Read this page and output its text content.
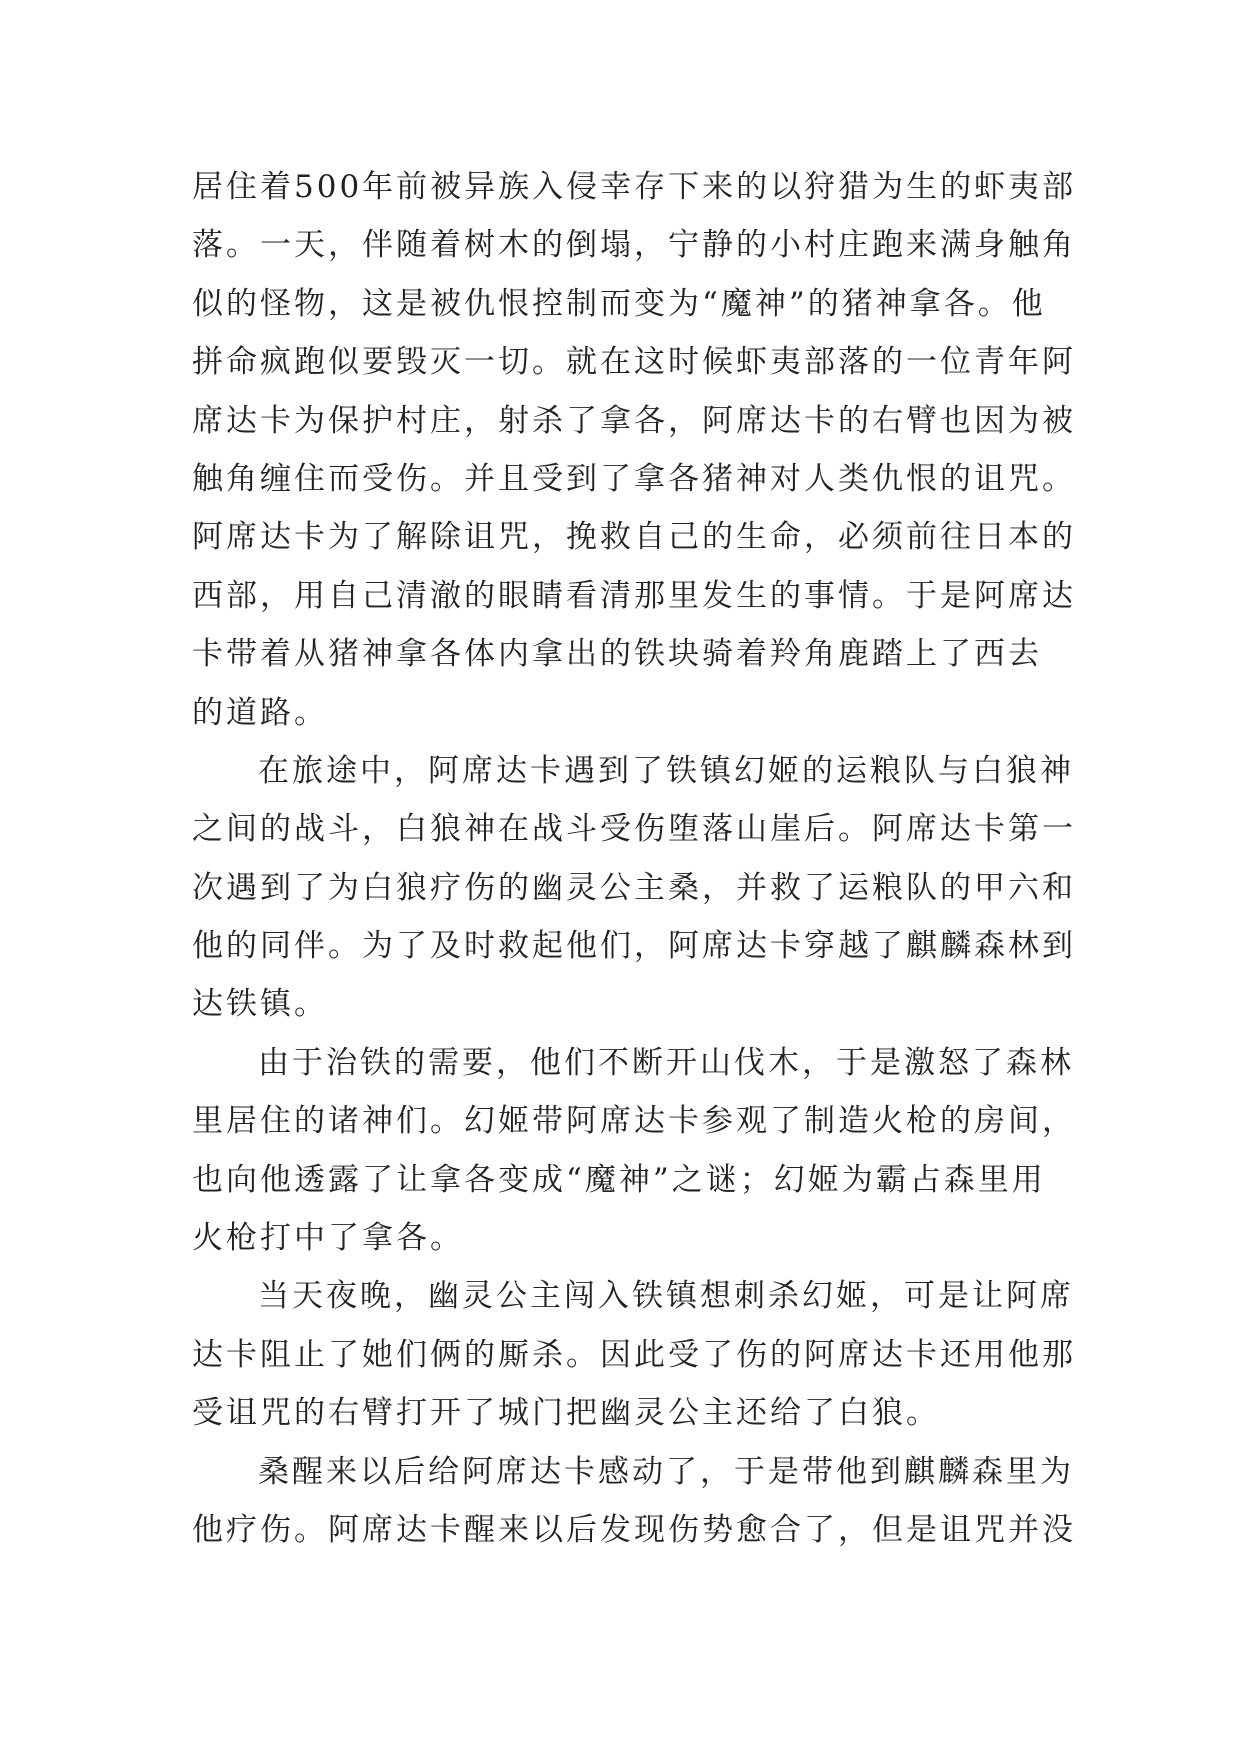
居住着500年前被异族入侵幸存下来的以狩猎为生的虾夷部
落。一天，伴随着树木的倒塌，宁静的小村庄跑来满身触角
似的怪物，这是被仇恨控制而变为“魔神”的猪神拿各。他
拼命疯跑似要毁灭一切。就在这时候虾夷部落的一位青年阿
席达卡为保护村庄，射杀了拿各，阿席达卡的右臂也因为被
触角缠住而受伤。并且受到了拿各猪神对人类仇恨的诅咒。
阿席达卡为了解除诅咒，挽救自己的生命，必须前往日本的
西部，用自己清澈的眼睛看清那里发生的事情。于是阿席达
卡带着从猪神拿各体内拿出的铁块骑着羚角鹿踏上了西去
的道路。
在旅途中，阿席达卡遇到了铁镇幻姬的运粮队与白狼神
之间的战斗，白狼神在战斗受伤堕落山崖后。阿席达卡第一
次遇到了为白狼疗伤的幽灵公主桑，并救了运粮队的甲六和
他的同伴。为了及时救起他们，阿席达卡穿越了麒麟森林到
达铁镇。
由于治铁的需要，他们不断开山伐木，于是激怒了森林
里居住的诸神们。幻姬带阿席达卡参观了制造火枪的房间，
也向他透露了让拿各变成“魔神”之谜；幻姬为霸占森里用
火枪打中了拿各。
当天夜晚，幽灵公主闯入铁镇想刺杀幻姬，可是让阿席
达卡阻止了她们俩的厮杀。因此受了伤的阿席达卡还用他那
受诅咒的右臂打开了城门把幽灵公主还给了白狼。
桑醒来以后给阿席达卡感动了，于是带他到麒麟森里为
他疗伤。阿席达卡醒来以后发现伤势愈合了，但是诅咒并没
